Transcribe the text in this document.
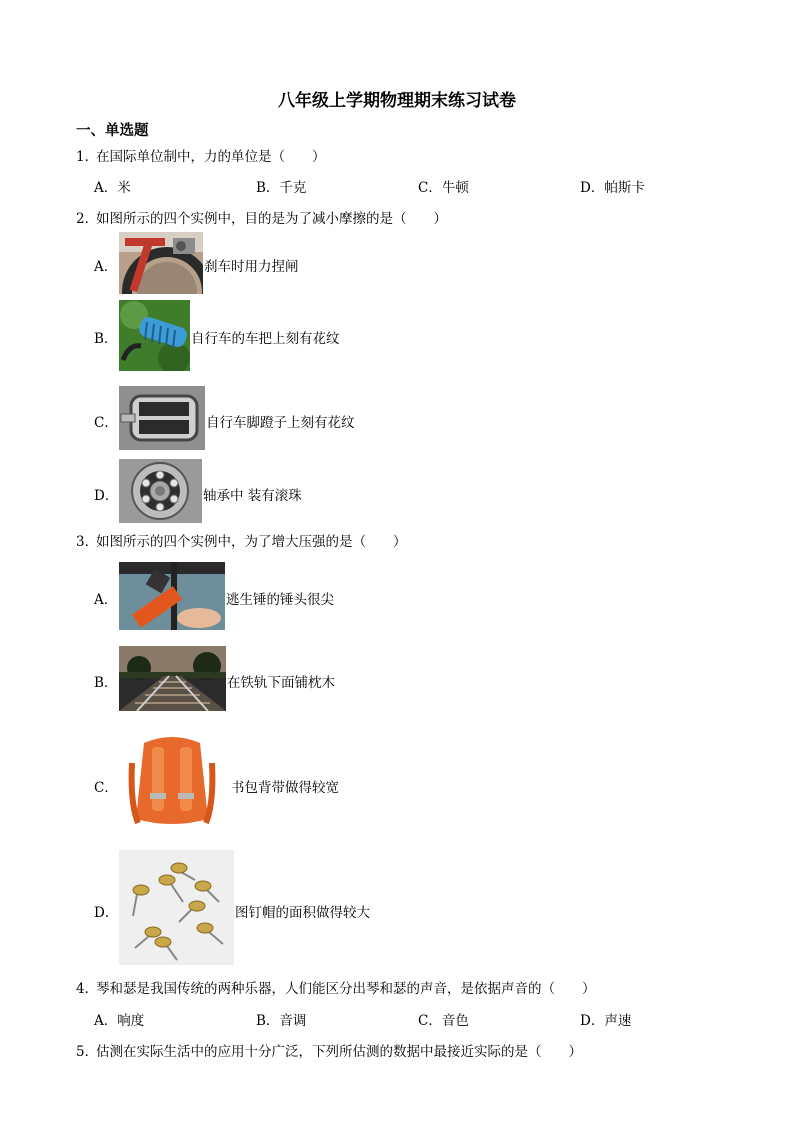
八年级上学期物理期末练习试卷
一、单选题
1．在国际单位制中，力的单位是（　　）
A．米	B．千克	C．牛顿	D．帕斯卡
2．如图所示的四个实例中，目的是为了减小摩擦的是（　　）
A．	刹车时用力捏闸
B．	自行车的车把上刻有花纹
C．	自行车脚蹬子上刻有花纹
D．	轴承中 装有滚珠
3．如图所示的四个实例中，为了增大压强的是（　　）
A．	逃生锤的锤头很尖
B．	在铁轨下面铺枕木
C．	书包背带做得较宽
D．	图钉帽的面积做得较大
4．琴和瑟是我国传统的两种乐器，人们能区分出琴和瑟的声音，是依据声音的（　　）
A．响度	B．音调	C．音色	D．声速
5．估测在实际生活中的应用十分广泛，下列所估测的数据中最接近实际的是（　　）
